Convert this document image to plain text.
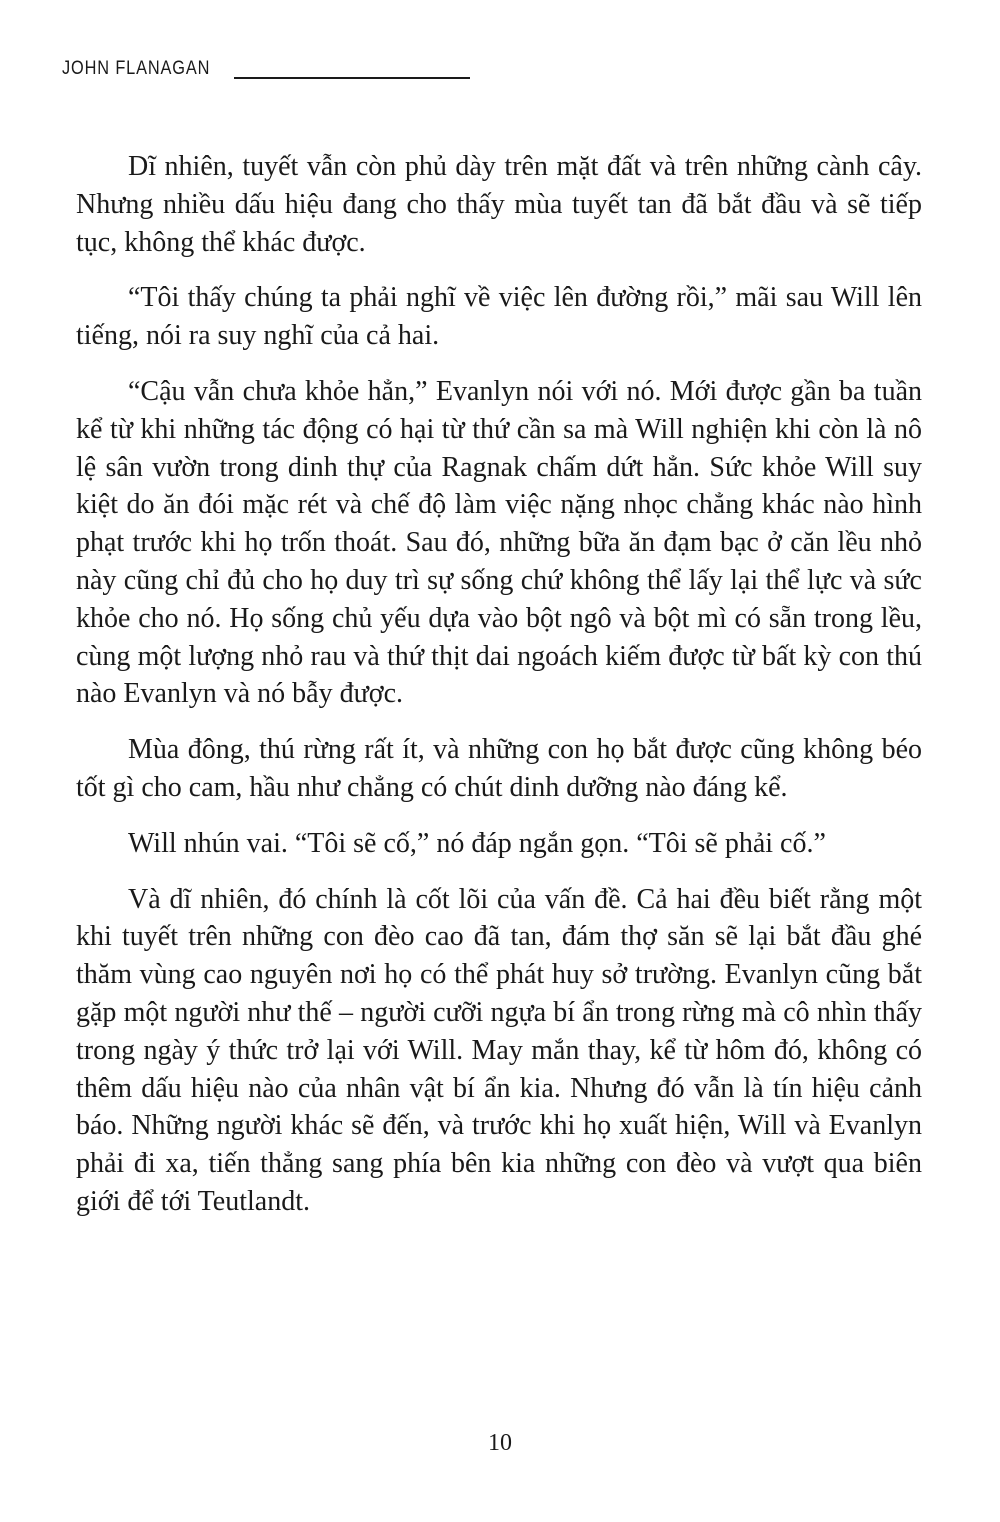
JOHN FLANAGAN

Dĩ nhiên, tuyết vẫn còn phủ dày trên mặt đất và trên những cành cây. Nhưng nhiều dấu hiệu đang cho thấy mùa tuyết tan đã bắt đầu và sẽ tiếp tục, không thể khác được.

“Tôi thấy chúng ta phải nghĩ về việc lên đường rồi,” mãi sau Will lên tiếng, nói ra suy nghĩ của cả hai.

“Cậu vẫn chưa khỏe hẳn,” Evanlyn nói với nó. Mới được gần ba tuần kể từ khi những tác động có hại từ thứ cần sa mà Will nghiện khi còn là nô lệ sân vườn trong dinh thự của Ragnak chấm dứt hẳn. Sức khỏe Will suy kiệt do ăn đói mặc rét và chế độ làm việc nặng nhọc chẳng khác nào hình phạt trước khi họ trốn thoát. Sau đó, những bữa ăn đạm bạc ở căn lều nhỏ này cũng chỉ đủ cho họ duy trì sự sống chứ không thể lấy lại thể lực và sức khỏe cho nó. Họ sống chủ yếu dựa vào bột ngô và bột mì có sẵn trong lều, cùng một lượng nhỏ rau và thứ thịt dai ngoách kiếm được từ bất kỳ con thú nào Evanlyn và nó bẫy được.

Mùa đông, thú rừng rất ít, và những con họ bắt được cũng không béo tốt gì cho cam, hầu như chẳng có chút dinh dưỡng nào đáng kể.

Will nhún vai. “Tôi sẽ cố,” nó đáp ngắn gọn. “Tôi sẽ phải cố.”

Và dĩ nhiên, đó chính là cốt lõi của vấn đề. Cả hai đều biết rằng một khi tuyết trên những con đèo cao đã tan, đám thợ săn sẽ lại bắt đầu ghé thăm vùng cao nguyên nơi họ có thể phát huy sở trường. Evanlyn cũng bắt gặp một người như thế – người cưỡi ngựa bí ẩn trong rừng mà cô nhìn thấy trong ngày ý thức trở lại với Will. May mắn thay, kể từ hôm đó, không có thêm dấu hiệu nào của nhân vật bí ẩn kia. Nhưng đó vẫn là tín hiệu cảnh báo. Những người khác sẽ đến, và trước khi họ xuất hiện, Will và Evanlyn phải đi xa, tiến thẳng sang phía bên kia những con đèo và vượt qua biên giới để tới Teutlandt.

10
